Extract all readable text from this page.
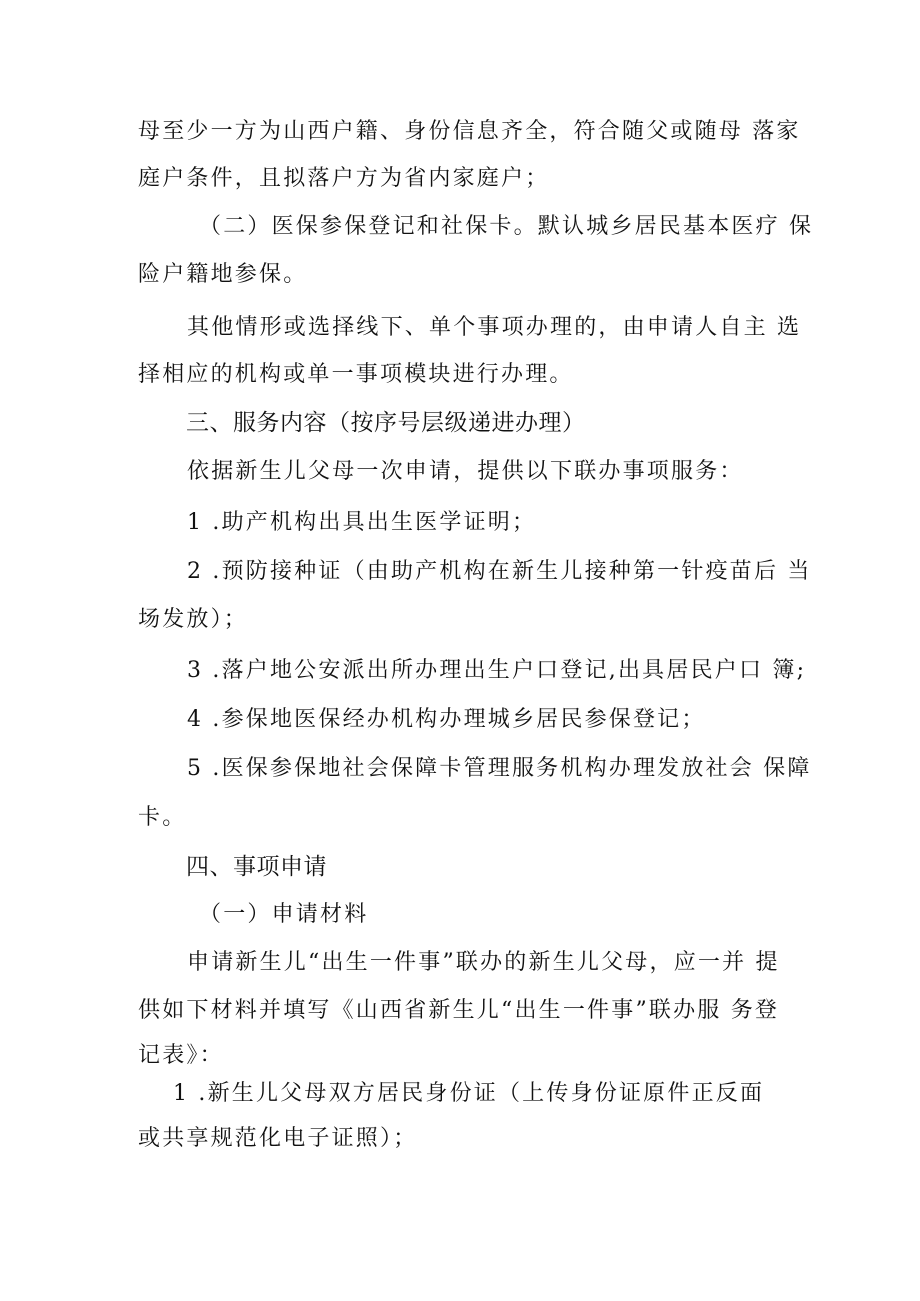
母至少一方为山西户籍、身份信息齐全，符合随父或随母 落家
庭户条件，且拟落户方为省内家庭户；
（二）医保参保登记和社保卡。默认城乡居民基本医疗 保
险户籍地参保。
其他情形或选择线下、单个事项办理的，由申请人自主 选
择相应的机构或单一事项模块进行办理。
三、服务内容（按序号层级递进办理）
依据新生儿父母一次申请，提供以下联办事项服务：
1 .助产机构出具出生医学证明；
2 .预防接种证（由助产机构在新生儿接种第一针疫苗后 当
场发放）；
3 .落户地公安派出所办理出生户口登记,出具居民户口 簿;
4 .参保地医保经办机构办理城乡居民参保登记；
5 .医保参保地社会保障卡管理服务机构办理发放社会 保障
卡。
四、事项申请
（一）申请材料
申请新生儿“出生一件事”联办的新生儿父母，应一并 提
供如下材料并填写《山西省新生儿“出生一件事”联办服 务登
记表》：
1 .新生儿父母双方居民身份证（上传身份证原件正反面
或共享规范化电子证照）；
